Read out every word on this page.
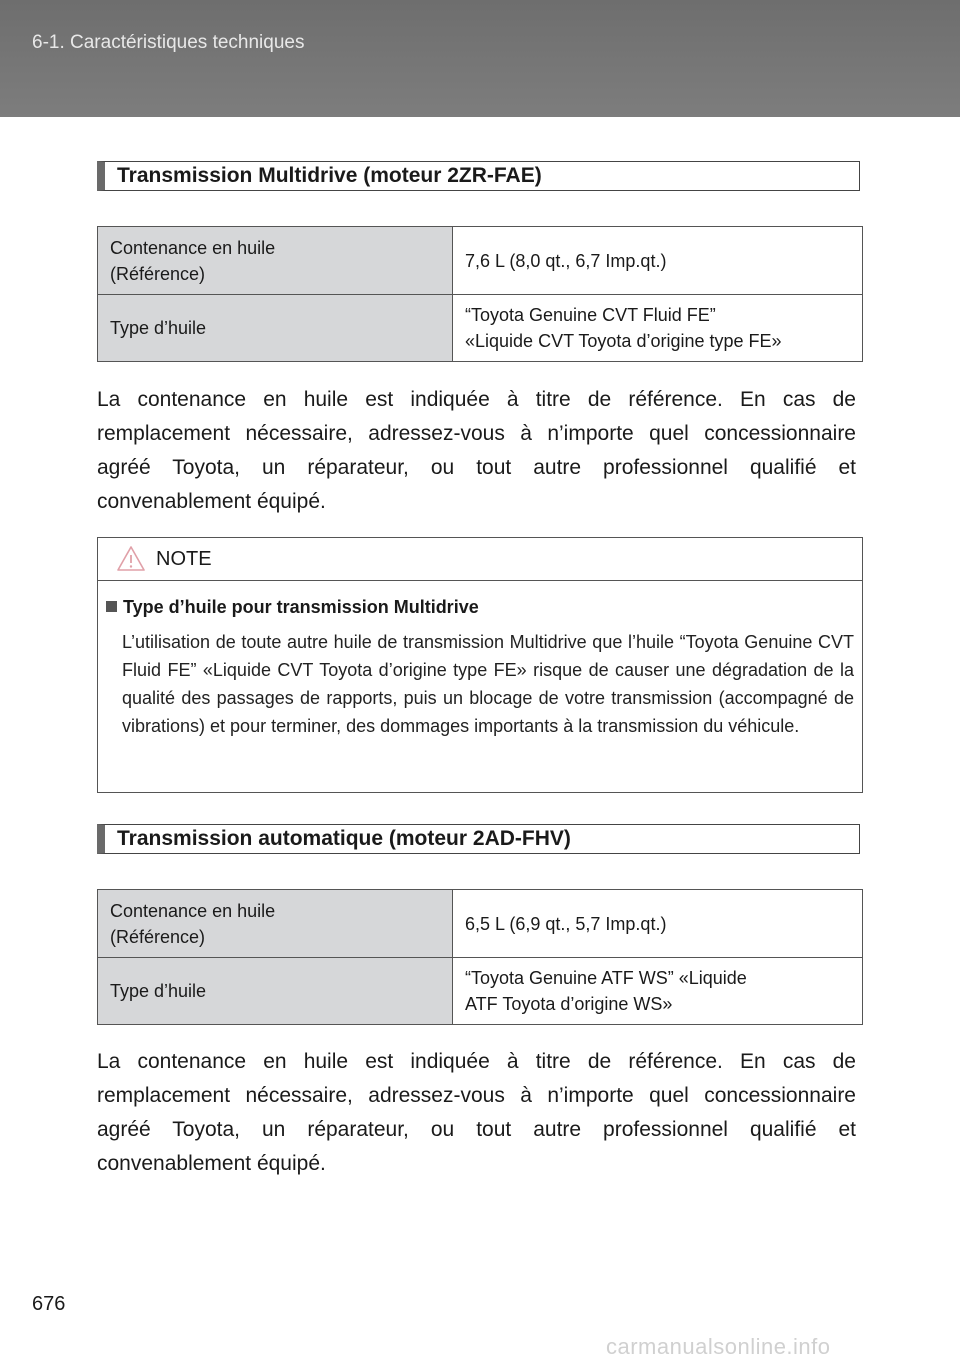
6-1. Caractéristiques techniques
Transmission Multidrive (moteur 2ZR-FAE)
Contenance en huile
(Référence)	7,6 L (8,0 qt., 6,7 Imp.qt.)

Type d’huile	“Toyota Genuine CVT Fluid FE”
«Liquide CVT Toyota d’origine type FE»
La contenance en huile est indiquée à titre de référence. En cas de remplacement nécessaire, adressez-vous à n’importe quel concessionnaire agréé Toyota, un réparateur, ou tout autre professionnel qualifié et convenablement équipé.
NOTE
Type d’huile pour transmission Multidrive
L’utilisation de toute autre huile de transmission Multidrive que l’huile “Toyota Genuine CVT Fluid FE” «Liquide CVT Toyota d’origine type FE» risque de causer une dégradation de la qualité des passages de rapports, puis un blocage de votre transmission (accompagné de vibrations) et pour terminer, des dommages importants à la transmission du véhicule.
Transmission automatique (moteur 2AD-FHV)
Contenance en huile
(Référence)	6,5 L (6,9 qt., 5,7 Imp.qt.)

Type d’huile	“Toyota Genuine ATF WS” «Liquide
ATF Toyota d’origine WS»
La contenance en huile est indiquée à titre de référence. En cas de remplacement nécessaire, adressez-vous à n’importe quel concessionnaire agréé Toyota, un réparateur, ou tout autre professionnel qualifié et convenablement équipé.
676
carmanualsonline.info
